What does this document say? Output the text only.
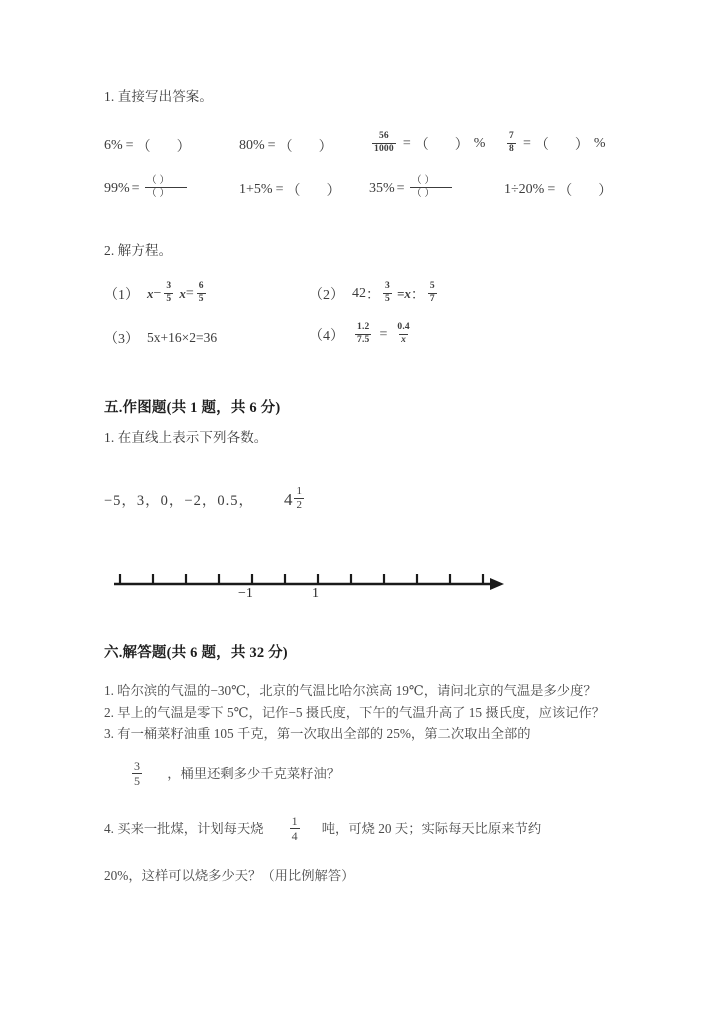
1. 直接写出答案。
6% = （ ）	80% = （ ）	$\frac{56}{1000}$ = （ ） % $\frac{7}{8}$ = （ ） %
$99\% = \frac{( )}{( )}$	1+5% = （ ） $35\% = \frac{( )}{( )}$	1÷20% = （ ）
2. 解方程。
（1） $x - \frac{3}{5}$ $x = \frac{6}{5}$	（2） 42 ： $\frac{3}{5} =x$ ： $\frac{5}{7}$
（3） 5x+16×2=36	$(4) \frac{1.2}{7.5} = \frac{0.4}{x}$
五.作图题(共 1 题，共 6 分)
1. 在直线上表示下列各数。
−5，3，0，−2，0.5， $4 \frac{1}{2}$
−1	1
六.解答题(共 6 题，共 32 分)
1. 哈尔滨的气温的−30℃，北京的气温比哈尔滨高 19℃，请问北京的气温是多少度？
2. 早上的气温是零下 5℃，记作−5 摄氏度，下午的气温升高了 15 摄氏度，应该记作？
3. 有一桶菜籽油重 105 千克，第一次取出全部的 25%，第二次取出全部的
$\frac{3}{5}$ ，桶里还剩多少千克菜籽油？
4. 买来一批煤，计划每天烧 $\frac{1}{4}$ 吨，可烧 20 天；实际每天比原来节约
20%，这样可以烧多少天？（用比例解答）
